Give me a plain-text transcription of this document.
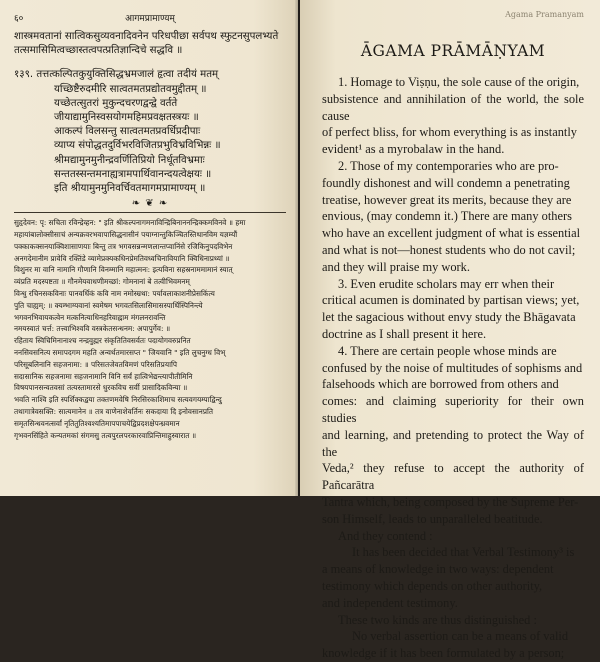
६०	आगमप्रामाण्यम्
शास्त्रमवतानां सात्विकसुव्यवनादिवनेन परिधपीछा सर्वपथ स्फुटनसुपलभ्यते
तत्समासिमित्वच्छास्तत्वपत्प्रतिज्ञान्दिचे सद्धवि ॥
१३९. तत्तत्कल्पितकुयुक्तिसिद्धभ्रमजालं हृत्वा तदीयं मतम्
यच्छिष्टैरुदमीरि सात्वतमतप्रद्योतवमुद्दीतम् ॥
यच्छेतत्सुतरां मुकुन्दचरणद्वन्द्वे वर्तते
जीयाद्यामुनिस्वसयोगमहिमप्रवक्षतस्त्रयः ॥
आकल्पं विलसन्तु सात्वतमतप्रवर्धिप्रदीपाः
व्याप्य संपोद्धतदुर्विभरविजितप्रभुविभ्रविभिन्नः ॥
श्रीमद्यामुनमुनीन्द्रवर्णितिप्रियो निर्धूतविभ्रमाः
सन्ततस्सन्तमनाह्यत्रामपार्थिवानन्दयत्वेक्षयः ॥
इति श्रीयामुनमुनिवर्चिवतमागमप्रामाण्यम् ॥
❧ ❦ ❧
सुहृदेवन: पृ: सचिता रविन्द्रेव्हन: " इति श्रीकल्पनागमनाविन्द्रिबिनाननन्द्रिक्कमविनवे ॥ हमा
महायांबालोक्सीसाचं अन्यक्रवरभवापासिद्धनासीनं पयाग्नान्तुकिञ्चितस्तिथानविम यज्ञम्यौं
पक्काकक्सनयाक्विशासाणयाः बिन्तु तत्र भगवसन्नन्मणलान्तप्वानिंसे रजिकिनुपदविभेन
अनगदेमानीम प्रावेवि रक्तिंडे व्यामेप्रक्यकधिनप्रेमतिवध्वचिनावियानि क्विधिनाप्रथ्यां ॥
विशुनर मा वानि नामानि गौणानि विनम्मानि महात्मनः: इत्यविना सहस्रनाममामानं स्यात्
व्यंप्रति मदस्पष्टता ॥ गौनमेयवाधणीमच्छां: गोमनानां बे तत्वीभिवमनम्
विन्धु रचिनसकविनाः पानवर्धिकं कवि नाम नमोस्म्रथा: पर्यावलाकाशनीप्रेसकिंत्य
पुति चाह्यम्: ॥ क्यम्भाग्यवानां स्वमेषम भगवतसिलासिमासस्पार्थिस्पिनिन्त्ये
भगवनभिवायकत्वेन मत्कनित्याधिनहरिवाह्नाम मंगलनरावन्ति
नमयस्वातं चर्त्त: तत्त्वाभिश्ववि वस्त्रकेतसन्धनम: अपापुर्गेव: ॥
रहिताय स्विचिमिनानाश्च नन्द्रवुह्मर संकृतितिवसर्वतः पदायोगवरुप्रनित
ननसिवसनित्य समापदगम महति अन्वर्थतमारसप्त " जियवानि " इति लुचनुग्ध विभ्
परिसूबलिनानि सहजनामा: ॥ परिसतजेवतविमणं परिसतिप्रयापि
सदासानिक सहजनामा सहजनामानि विनि सर्वं हात्विभेद्यन्त्यापीतीमिनि
विषयपानसन्वतवसां तत्यस्तामारसे धुरकविच सर्वी प्रासादिकविन्या ॥
भवति नाश्वि इति स्पर्शिक्कद्वया तक्तणमवेषि निरसिरकाशिमाच सत्यवगयम्पाद्विन्दु
तथागात्रेवसक्ति: सात्यमानेन ॥ तत्र वाणेनाशेवर्तिनः सकदाया दि इनोवसानप्रति
समृतसिन्धवनत्सर्वां नृतितुतिश्वश्यतिमापपाचयेद्विप्रदशक्षेपन्ध्रवमान
गृभवनसिंहिते कन्यतमकां संगमसु तत्वपुरलपरकारवाप्रिन्तिमाहुस्वारात ॥
Agama Pramanyam
ĀGAMA PRĀMĀṆYAM

1. Homage to Viṣṇu, the sole cause of the origin,
subsistence and annihilation of the world, the sole cause
of perfect bliss, for whom everything is as instantly
evident¹ as a myrobalaw in the hand.

2. Those of my contemporaries who are pro-
foundly dishonest and will condemn a penetrating
treatise, however great its merits, because they are
envious, (may condemn it.) There are many others
who have an excellent judgment of what is essential
and what is not—honest students who do not cavil;
and they will praise my work.

3. Even erudite scholars may err when their
critical acumen is dominated by partisan views; yet,
let the sagacious without envy study the Bhāgavata
doctrine as I shall present it here.

4. There are certain people whose minds are
confused by the noise of multitudes of sophisms and
falsehoods which are borrowed from others and
comes: and claiming superiority for their own studies
and learning, and pretending to protect the Way of the
Veda,² they refuse to accept the authority of Pañcarātra
Tantra which, being composed by the Supreme Per-
son Himself, leads to unparalleled beatitude.

And they contend :

It has been decided that Verbal Testimony³ is
a means of knowledge in two ways: dependent
testimony which depends on other authority,
and independent testimony.

These two kinds are thus distinguished :

No verbal assertion can be a means of valid
knowledge if it has been formulated by a person;
